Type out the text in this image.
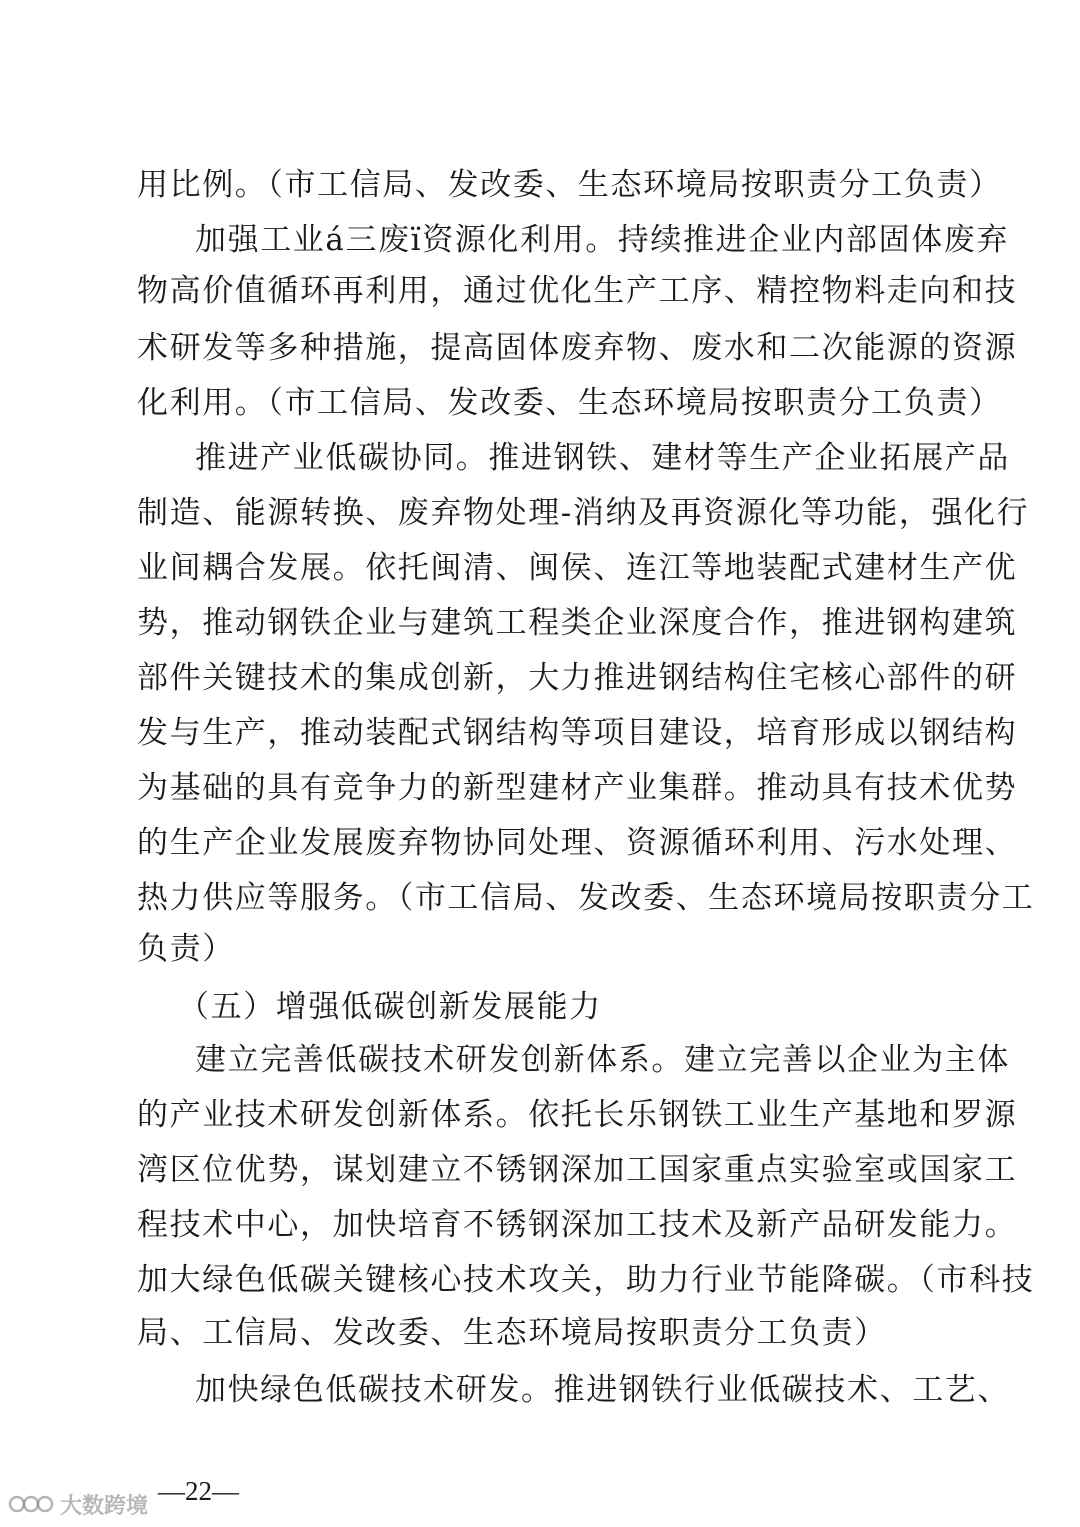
用比例。（市工信局、发改委、生态环境局按职责分工负责）
加强工业á三废ï资源化利用。持续推进企业内部固体废弃
物高价值循环再利用，通过优化生产工序、精控物料走向和技
术研发等多种措施，提高固体废弃物、废水和二次能源的资源
化利用。（市工信局、发改委、生态环境局按职责分工负责）
推进产业低碳协同。推进钢铁、建材等生产企业拓展产品
制造、能源转换、废弃物处理-消纳及再资源化等功能，强化行
业间耦合发展。依托闽清、闽侯、连江等地装配式建材生产优
势，推动钢铁企业与建筑工程类企业深度合作，推进钢构建筑
部件关键技术的集成创新，大力推进钢结构住宅核心部件的研
发与生产，推动装配式钢结构等项目建设，培育形成以钢结构
为基础的具有竞争力的新型建材产业集群。推动具有技术优势
的生产企业发展废弃物协同处理、资源循环利用、污水处理、
热力供应等服务。（市工信局、发改委、生态环境局按职责分工
负责）
（五）增强低碳创新发展能力
建立完善低碳技术研发创新体系。建立完善以企业为主体
的产业技术研发创新体系。依托长乐钢铁工业生产基地和罗源
湾区位优势，谋划建立不锈钢深加工国家重点实验室或国家工
程技术中心，加快培育不锈钢深加工技术及新产品研发能力。
加大绿色低碳关键核心技术攻关，助力行业节能降碳。（市科技
局、工信局、发改委、生态环境局按职责分工负责）
加快绿色低碳技术研发。推进钢铁行业低碳技术、工艺、
—22—
大数跨境
